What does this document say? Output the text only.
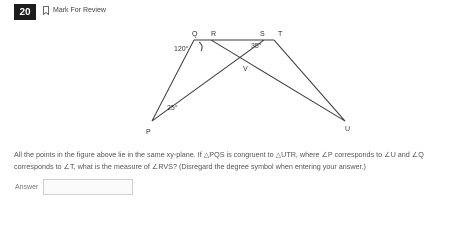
20	Mark For Review
Q R	S T
V
P	U
120°	35°
25°
All the points in the figure above lie in the same xy-plane. If △PQS is congruent to △UTR, where ∠P corresponds to ∠U and ∠Q
corresponds to ∠T, what is the measure of ∠RVS? (Disregard the degree symbol when entering your answer.)
Answer
